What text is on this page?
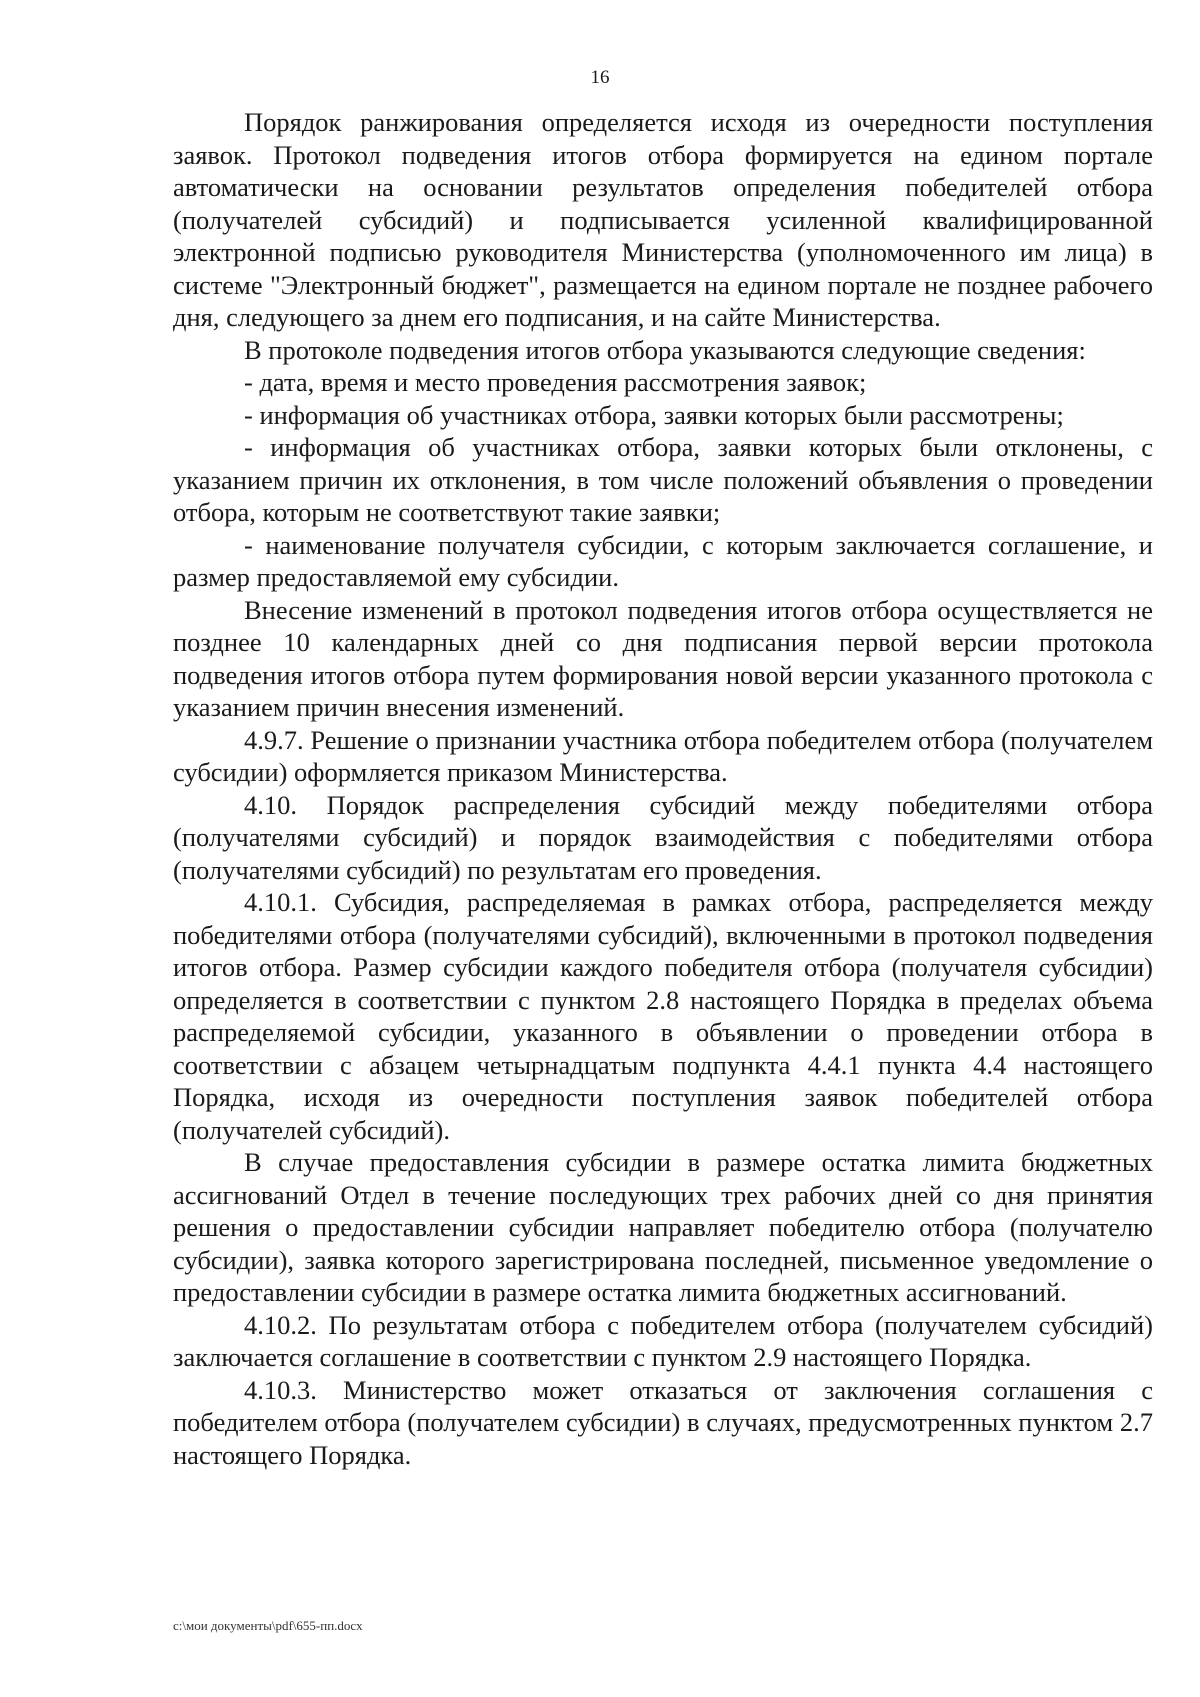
16

Порядок ранжирования определяется исходя из очередности поступления заявок. Протокол подведения итогов отбора формируется на едином портале автоматически на основании результатов определения победителей отбора (получателей субсидий) и подписывается усиленной квалифицированной электронной подписью руководителя Министерства (уполномоченного им лица) в системе "Электронный бюджет", размещается на едином портале не позднее рабочего дня, следующего за днем его подписания, и на сайте Министерства.

В протоколе подведения итогов отбора указываются следующие сведения:

- дата, время и место проведения рассмотрения заявок;

- информация об участниках отбора, заявки которых были рассмотрены;

- информация об участниках отбора, заявки которых были отклонены, с указанием причин их отклонения, в том числе положений объявления о проведении отбора, которым не соответствуют такие заявки;

- наименование получателя субсидии, с которым заключается соглашение, и размер предоставляемой ему субсидии.

Внесение изменений в протокол подведения итогов отбора осуществляется не позднее 10 календарных дней со дня подписания первой версии протокола подведения итогов отбора путем формирования новой версии указанного протокола с указанием причин внесения изменений.

4.9.7. Решение о признании участника отбора победителем отбора (получателем субсидии) оформляется приказом Министерства.

4.10. Порядок распределения субсидий между победителями отбора (получателями субсидий) и порядок взаимодействия с победителями отбора (получателями субсидий) по результатам его проведения.

4.10.1. Субсидия, распределяемая в рамках отбора, распределяется между победителями отбора (получателями субсидий), включенными в протокол подведения итогов отбора. Размер субсидии каждого победителя отбора (получателя субсидии) определяется в соответствии с пунктом 2.8 настоящего Порядка в пределах объема распределяемой субсидии, указанного в объявлении о проведении отбора в соответствии с абзацем четырнадцатым подпункта 4.4.1 пункта 4.4 настоящего Порядка, исходя из очередности поступления заявок победителей отбора (получателей субсидий).

В случае предоставления субсидии в размере остатка лимита бюджетных ассигнований Отдел в течение последующих трех рабочих дней со дня принятия решения о предоставлении субсидии направляет победителю отбора (получателю субсидии), заявка которого зарегистрирована последней, письменное уведомление о предоставлении субсидии в размере остатка лимита бюджетных ассигнований.

4.10.2. По результатам отбора с победителем отбора (получателем субсидий) заключается соглашение в соответствии с пунктом 2.9 настоящего Порядка.

4.10.3. Министерство может отказаться от заключения соглашения с победителем отбора (получателем субсидии) в случаях, предусмотренных пунктом 2.7 настоящего Порядка.

c:\мои документы\pdf\655-пп.docx
